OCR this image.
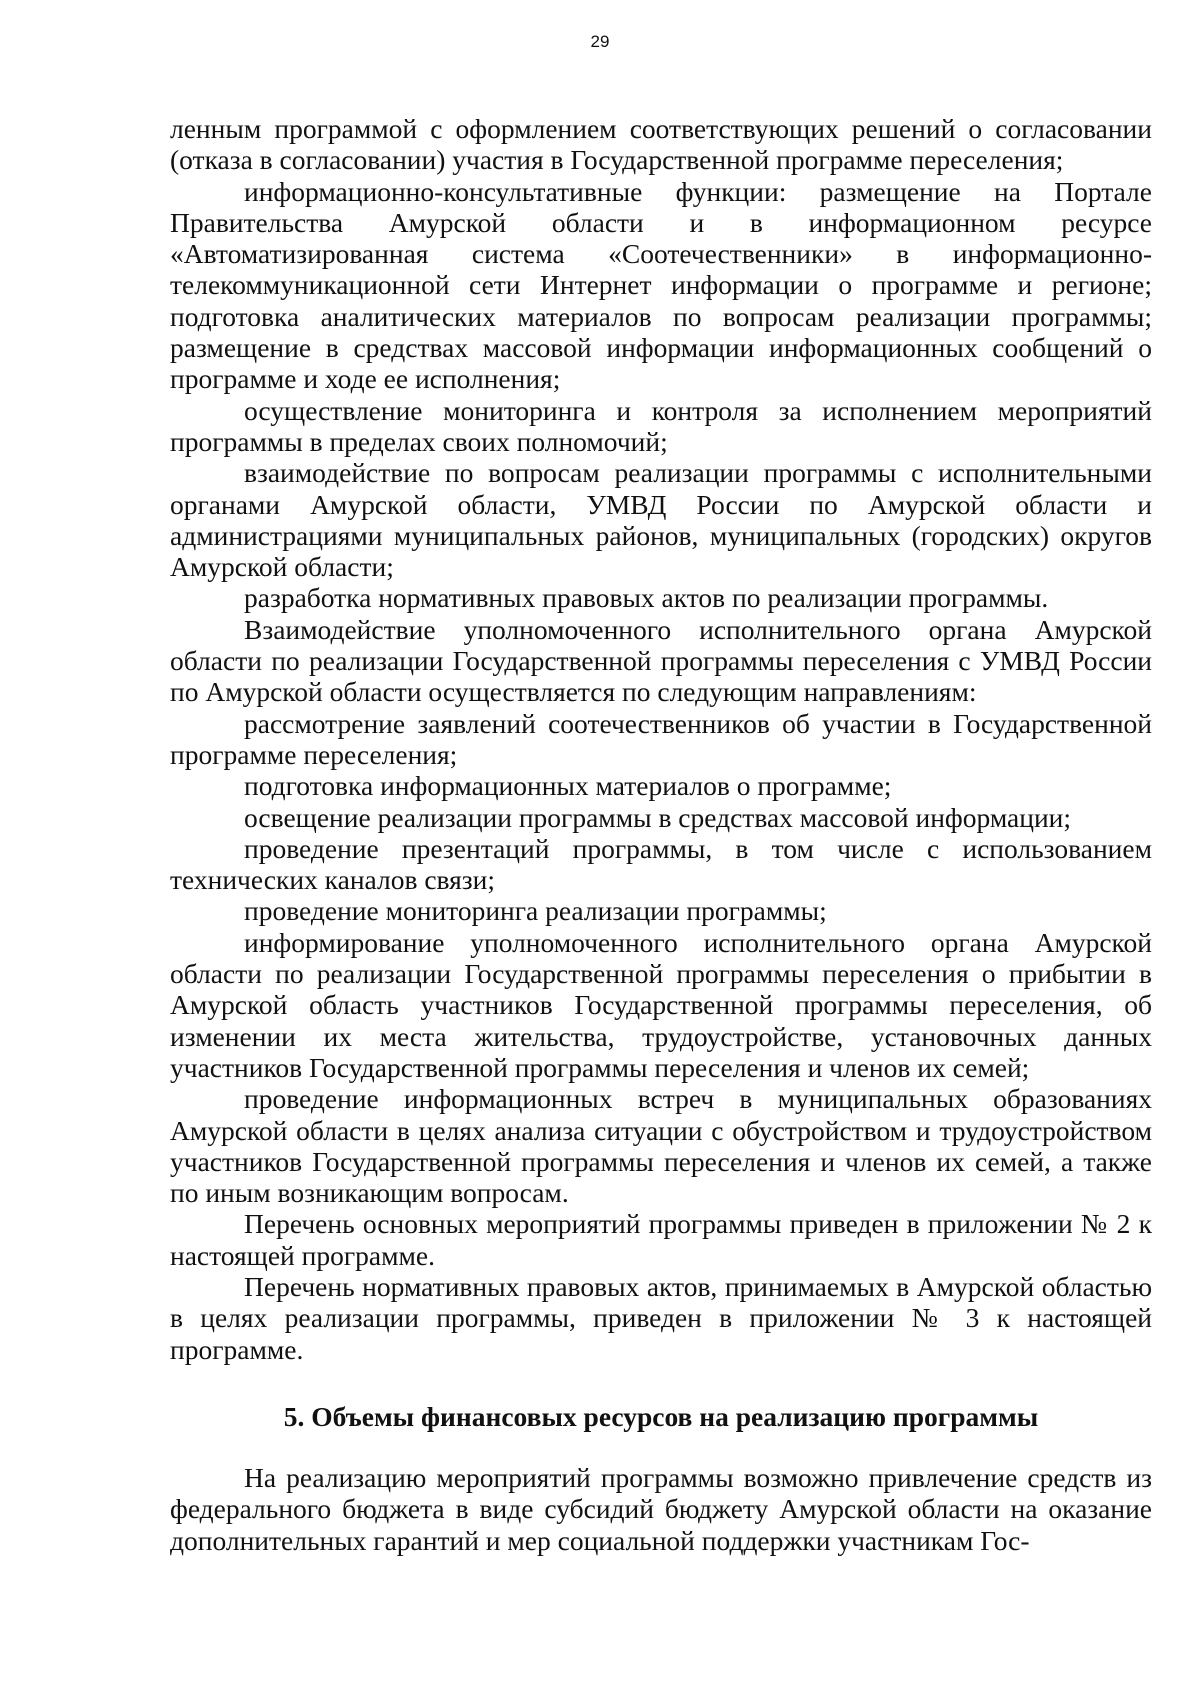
29

ленным программой с оформлением соответствующих решений о согласовании (отказа в согласовании) участия в Государственной программе переселения;

информационно-консультативные функции: размещение на Портале Правительства Амурской области и в информационном ресурсе «Автоматизированная система «Соотечественники» в информационно-телекоммуникационной сети Интернет информации о программе и регионе; подготовка аналитических материалов по вопросам реализации программы; размещение в средствах массовой информации информационных сообщений о программе и ходе ее исполнения;

осуществление мониторинга и контроля за исполнением мероприятий программы в пределах своих полномочий;

взаимодействие по вопросам реализации программы с исполнительными органами Амурской области, УМВД России по Амурской области и администрациями муниципальных районов, муниципальных (городских) округов Амурской области;

разработка нормативных правовых актов по реализации программы.

Взаимодействие уполномоченного исполнительного органа Амурской области по реализации Государственной программы переселения с УМВД России по Амурской области осуществляется по следующим направлениям:

рассмотрение заявлений соотечественников об участии в Государственной программе переселения;

подготовка информационных материалов о программе;

освещение реализации программы в средствах массовой информации;

проведение презентаций программы, в том числе с использованием технических каналов связи;

проведение мониторинга реализации программы;

информирование уполномоченного исполнительного органа Амурской области по реализации Государственной программы переселения о прибытии в Амурской область участников Государственной программы переселения, об изменении их места жительства, трудоустройстве, установочных данных участников Государственной программы переселения и членов их семей;

проведение информационных встреч в муниципальных образованиях Амурской области в целях анализа ситуации с обустройством и трудоустройством участников Государственной программы переселения и членов их семей, а также по иным возникающим вопросам.

Перечень основных мероприятий программы приведен в приложении № 2 к настоящей программе.

Перечень нормативных правовых актов, принимаемых в Амурской областью в целях реализации программы, приведен в приложении № 3 к настоящей программе.

5. Объемы финансовых ресурсов на реализацию программы

На реализацию мероприятий программы возможно привлечение средств из федерального бюджета в виде субсидий бюджету Амурской области на оказание дополнительных гарантий и мер социальной поддержки участникам Гос-
